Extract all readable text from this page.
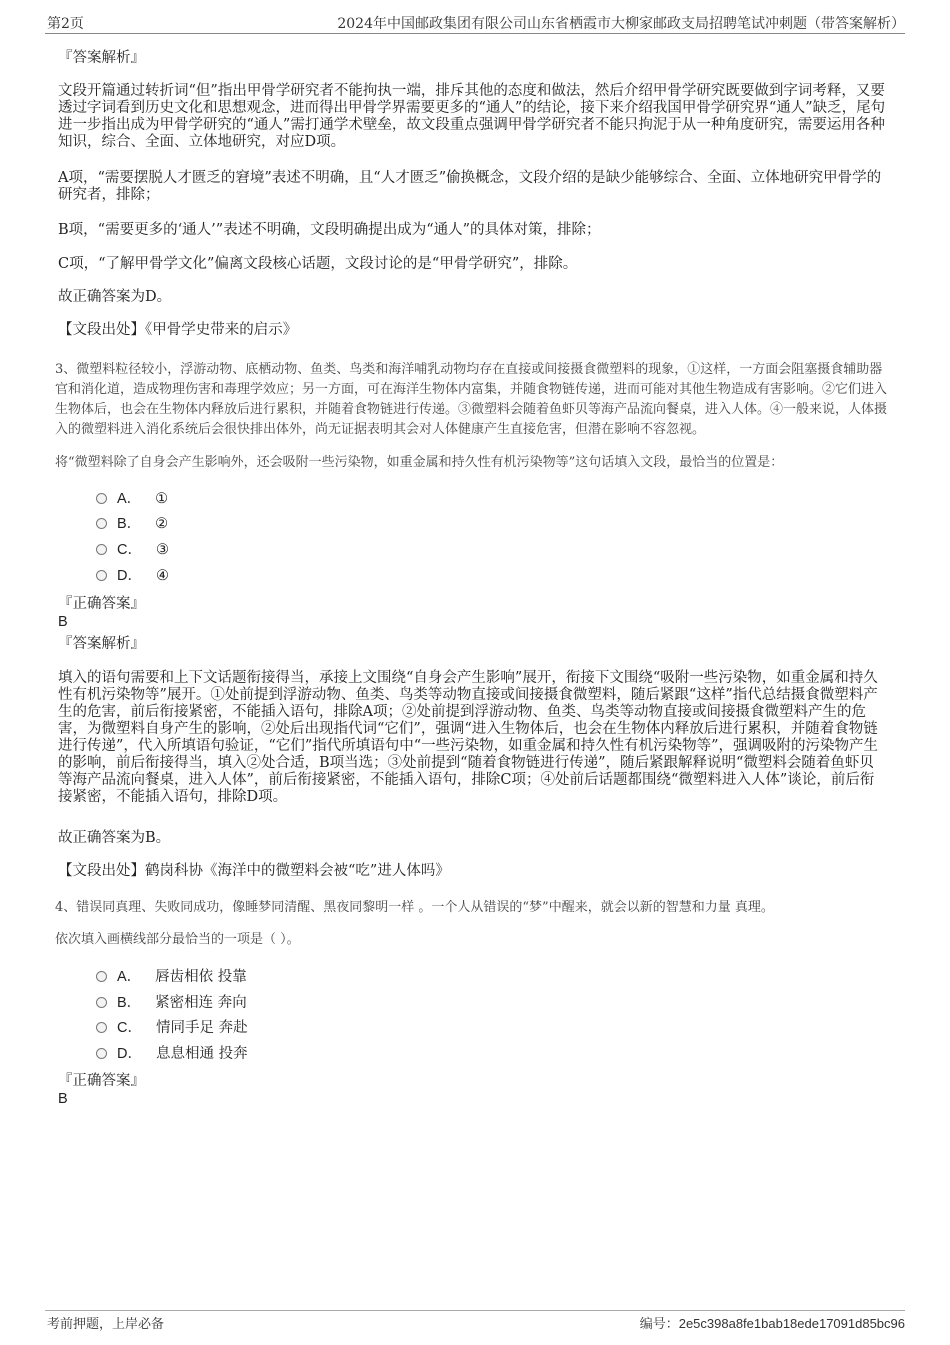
第2页	2024年中国邮政集团有限公司山东省栖霞市大柳家邮政支局招聘笔试冲刺题（带答案解析）
『答案解析』
文段开篇通过转折词“但”指出甲骨学研究者不能拘执一端，排斥其他的态度和做法，然后介绍甲骨学研究既要做到字词考释，又要透过字词看到历史文化和思想观念，进而得出甲骨学界需要更多的“通人”的结论，接下来介绍我国甲骨学研究界“通人”缺乏，尾句进一步指出成为甲骨学研究的“通人”需打通学术壁垒，故文段重点强调甲骨学研究者不能只拘泥于从一种角度研究，需要运用各种知识，综合、全面、立体地研究，对应D项。
A项，“需要摆脱人才匮乏的窘境”表述不明确，且“人才匮乏”偷换概念，文段介绍的是缺少能够综合、全面、立体地研究甲骨学的研究者，排除；
B项，“需要更多的‘通人’”表述不明确，文段明确提出成为“通人”的具体对策，排除；
C项，“了解甲骨学文化”偏离文段核心话题，文段讨论的是“甲骨学研究”，排除。
故正确答案为D。
【文段出处】《甲骨学史带来的启示》
3、微塑料粒径较小，浮游动物、底栖动物、鱼类、鸟类和海洋哺乳动物均存在直接或间接摄食微塑料的现象，①这样，一方面会阻塞摄食辅助器官和消化道，造成物理伤害和毒理学效应；另一方面，可在海洋生物体内富集，并随食物链传递，进而可能对其他生物造成有害影响。②它们进入生物体后，也会在生物体内释放后进行累积，并随着食物链进行传递。③微塑料会随着鱼虾贝等海产品流向餐桌，进入人体。④一般来说，人体摄入的微塑料进入消化系统后会很快排出体外，尚无证据表明其会对人体健康产生直接危害，但潜在影响不容忽视。
将“微塑料除了自身会产生影响外，还会吸附一些污染物，如重金属和持久性有机污染物等”这句话填入文段，最恰当的位置是：
A． ①
B． ②
C． ③
D． ④
『正确答案』
B
『答案解析』
填入的语句需要和上下文话题衔接得当，承接上文围绕“自身会产生影响”展开，衔接下文围绕“吸附一些污染物，如重金属和持久性有机污染物等”展开。①处前提到浮游动物、鱼类、鸟类等动物直接或间接摄食微塑料，随后紧跟“这样”指代总结摄食微塑料产生的危害，前后衔接紧密，不能插入语句，排除A项；②处前提到浮游动物、鱼类、鸟类等动物直接或间接摄食微塑料产生的危害，为微塑料自身产生的影响，②处后出现指代词“它们”，强调“进入生物体后，也会在生物体内释放后进行累积，并随着食物链进行传递”，代入所填语句验证，“它们”指代所填语句中“一些污染物，如重金属和持久性有机污染物等”，强调吸附的污染物产生的影响，前后衔接得当，填入②处合适，B项当选；③处前提到“随着食物链进行传递”，随后紧跟解释说明“微塑料会随着鱼虾贝等海产品流向餐桌，进入人体”，前后衔接紧密，不能插入语句，排除C项；④处前后话题都围绕“微塑料进入人体”谈论，前后衔接紧密，不能插入语句，排除D项。
故正确答案为B。
【文段出处】鹤岗科协《海洋中的微塑料会被“吃”进人体吗》
4、错误同真理、失败同成功，像睡梦同清醒、黑夜同黎明一样 。一个人从错误的“梦”中醒来，就会以新的智慧和力量 真理。
依次填入画横线部分最恰当的一项是（ ）。
A． 唇齿相依 投靠
B． 紧密相连 奔向
C． 情同手足 奔赴
D． 息息相通 投奔
『正确答案』
B
考前押题，上岸必备	编号：2e5c398a8fe1bab18ede17091d85bc96
